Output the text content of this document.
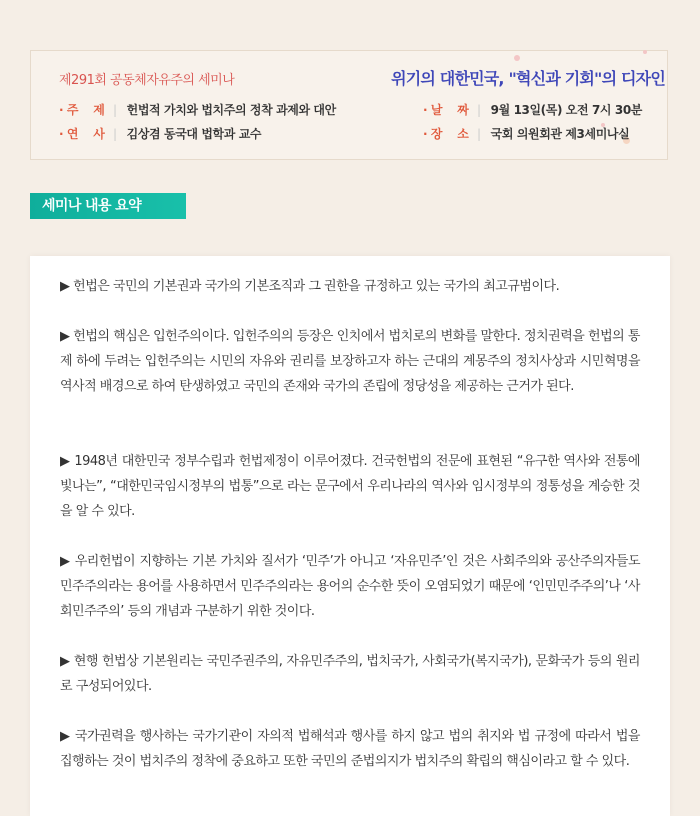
제291회 공동체자유주의 세미나	위기의 대한민국, "혁신과 기회"의 디자인
· 주    제 | 헌법적 가치와 법치주의 정착 과제와 대안
· 연    사 | 김상겸 동국대 법학과 교수
· 날    짜 | 9월 13일(목) 오전 7시 30분
· 장    소 | 국회 의원회관 제3세미나실
세미나 내용 요약

▶ 헌법은 국민의 기본권과 국가의 기본조직과 그 권한을 규정하고 있는 국가의 최고규범이다.

▶ 헌법의 핵심은 입헌주의이다. 입헌주의의 등장은 인치에서 법치로의 변화를 말한다. 정치권력을 헌법의 통제 하에 두려는 입헌주의는 시민의 자유와 권리를 보장하고자 하는 근대의 계몽주의 정치사상과 시민혁명을 역사적 배경으로 하여 탄생하였고 국민의 존재와 국가의 존립에 정당성을 제공하는 근거가 된다.

▶ 1948년 대한민국 정부수립과 헌법제정이 이루어졌다. 건국헌법의 전문에 표현된 “유구한 역사와 전통에 빛나는”, “대한민국임시정부의 법통”으로 라는 문구에서 우리나라의 역사와 임시정부의 정통성을 계승한 것을 알 수 있다.

▶ 우리헌법이 지향하는 기본 가치와 질서가 ‘민주’가 아니고 ‘자유민주’인 것은 사회주의와 공산주의자들도 민주주의라는 용어를 사용하면서 민주주의라는 용어의 순수한 뜻이 오염되었기 때문에 ‘인민민주주의’나 ‘사회민주주의’ 등의 개념과 구분하기 위한 것이다.

▶ 현행 헌법상 기본원리는 국민주권주의, 자유민주주의, 법치국가, 사회국가(복지국가), 문화국가 등의 원리로 구성되어있다.

▶ 국가권력을 행사하는 국가기관이 자의적 법해석과 행사를 하지 않고 법의 취지와 법 규정에 따라서 법을 집행하는 것이 법치주의 정착에 중요하고 또한 국민의 준법의지가 법치주의 확립의 핵심이라고 할 수 있다.
